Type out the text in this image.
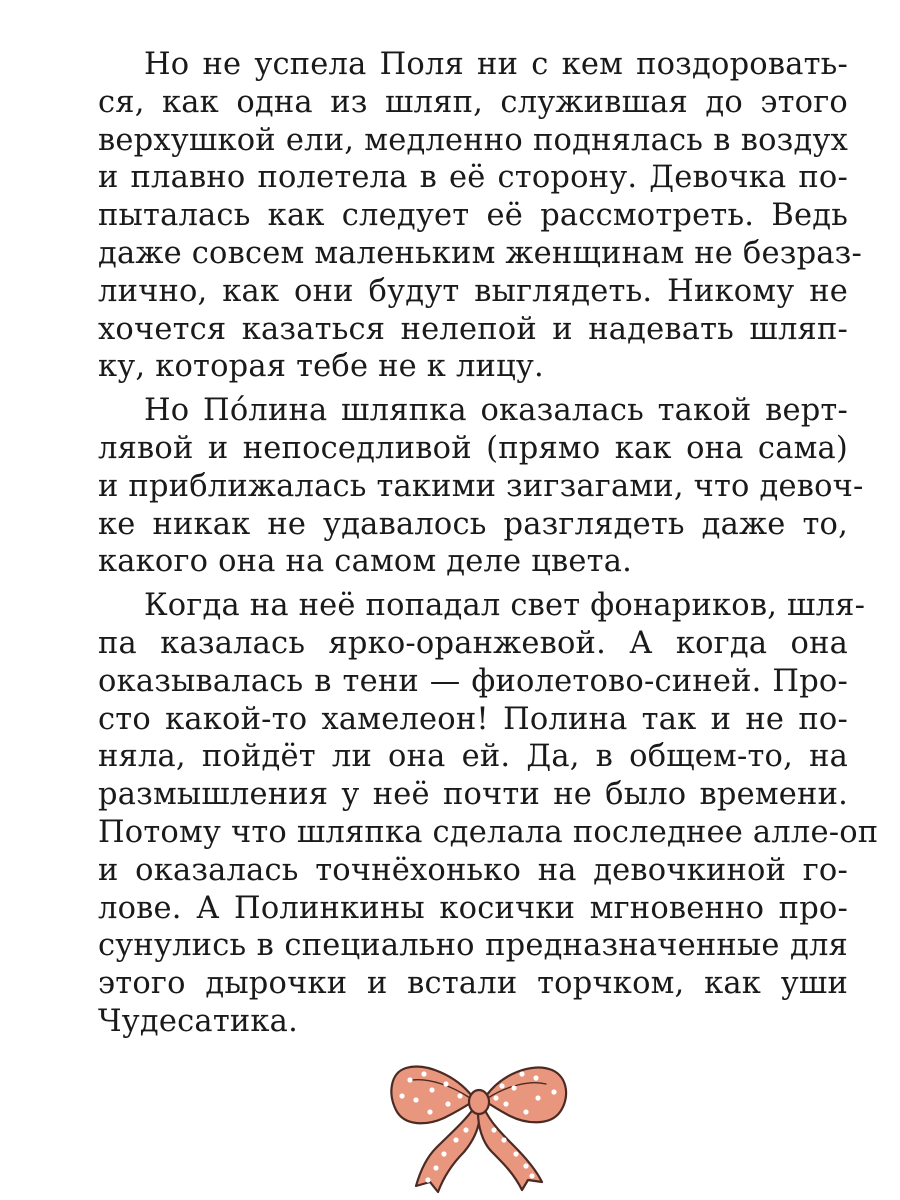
Но не успела Поля ни с кем поздоровать-
ся, как одна из шляп, служившая до этого
верхушкой ели, медленно поднялась в воздух
и плавно полетела в её сторону. Девочка по-
пыталась как следует её рассмотреть. Ведь
даже совсем маленьким женщинам не безраз-
лично, как они будут выглядеть. Никому не
хочется казаться нелепой и надевать шляп-
ку, которая тебе не к лицу.
Но Пóлина шляпка оказалась такой верт-
лявой и непоседливой (прямо как она сама)
и приближалась такими зигзагами, что девоч-
ке никак не удавалось разглядеть даже то,
какого она на самом деле цвета.
Когда на неё попадал свет фонариков, шля-
па казалась ярко-оранжевой. А когда она
оказывалась в тени — фиолетово-синей. Про-
сто какой-то хамелеон! Полина так и не по-
няла, пойдёт ли она ей. Да, в общем-то, на
размышления у неё почти не было времени.
Потому что шляпка сделала последнее алле-оп
и оказалась точнёхонько на девочкиной го-
лове. А Полинкины косички мгновенно про-
сунулись в специально предназначенные для
этого дырочки и встали торчком, как уши
Чудесатика.
